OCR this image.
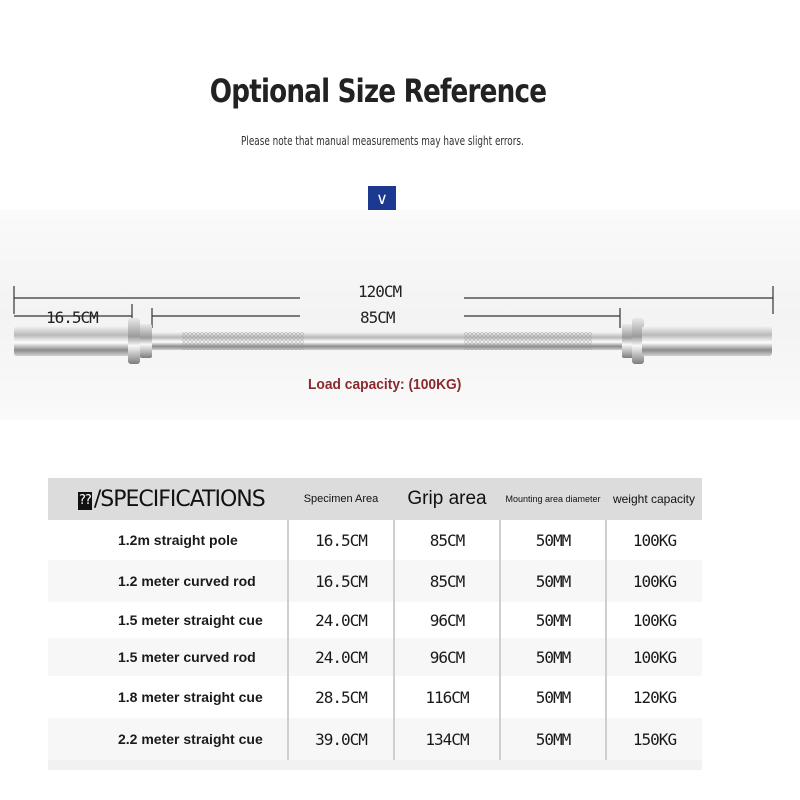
Optional Size Reference
Please note that manual measurements may have slight errors.
∨
120CM
85CM
16.5CM
Load capacity: (100KG)
?? /SPECIFICATIONS	Specimen Area	Grip area	Mounting area diameter	weight capacity
1.2m straight pole	16.5CM	85CM	50MM	100KG
1.2 meter curved rod	16.5CM	85CM	50MM	100KG
1.5 meter straight cue	24.0CM	96CM	50MM	100KG
1.5 meter curved rod	24.0CM	96CM	50MM	100KG
1.8 meter straight cue	28.5CM	116CM	50MM	120KG
2.2 meter straight cue	39.0CM	134CM	50MM	150KG
